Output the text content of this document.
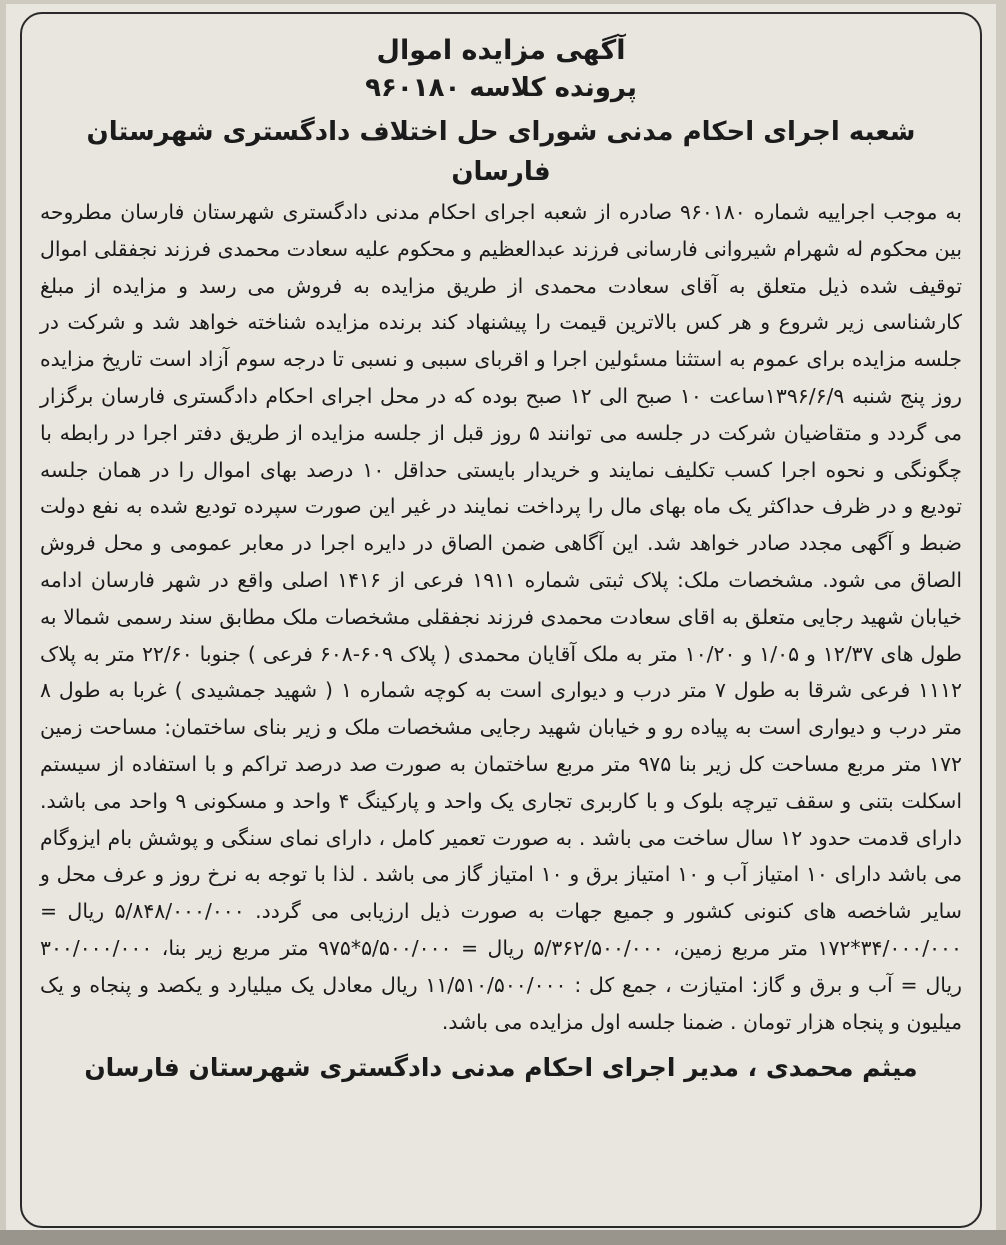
آگهی مزایده اموال
پرونده کلاسه ۹۶۰۱۸۰
شعبه اجرای احکام مدنی شورای حل اختلاف دادگستری شهرستان فارسان

به موجب اجراییه شماره ۹۶۰۱۸۰ صادره از شعبه اجرای احکام مدنی دادگستری شهرستان فارسان مطروحه بین محکوم له شهرام شیروانی فارسانی فرزند عبدالعظیم و محکوم علیه سعادت محمدی فرزند نجفقلی اموال توقیف شده ذیل متعلق به آقای سعادت محمدی از طریق مزایده به فروش می رسد و مزایده از مبلغ کارشناسی زیر شروع و هر کس بالاترین قیمت را پیشنهاد کند برنده مزایده شناخته خواهد شد و شرکت در جلسه مزایده برای عموم به استثنا مسئولین اجرا و اقربای سببی و نسبی تا درجه سوم آزاد است تاریخ مزایده روز پنج شنبه ۱۳۹۶/۶/۹ساعت ۱۰ صبح الی ۱۲ صبح بوده که در محل اجرای احکام دادگستری فارسان برگزار می گردد و متقاضیان شرکت در جلسه می توانند ۵ روز قبل از جلسه مزایده از طریق دفتر اجرا در رابطه با چگونگی و نحوه اجرا کسب تکلیف نمایند و خریدار بایستی حداقل ۱۰ درصد بهای اموال را در همان جلسه تودیع و در ظرف حداکثر یک ماه بهای مال را پرداخت نمایند در غیر این صورت سپرده تودیع شده به نفع دولت ضبط و آگهی مجدد صادر خواهد شد. این آگاهی ضمن الصاق در دایره اجرا در معابر عمومی و محل فروش الصاق می شود. مشخصات ملک: پلاک ثبتی شماره ۱۹۱۱ فرعی از ۱۴۱۶ اصلی واقع در شهر فارسان ادامه خیابان شهید رجایی متعلق به اقای سعادت محمدی فرزند نجفقلی مشخصات ملک مطابق سند رسمی شمالا به طول های ۱۲/۳۷ و ۱/۰۵ و ۱۰/۲۰ متر به ملک آقایان محمدی ( پلاک ۶۰۹-۶۰۸ فرعی ) جنوبا ۲۲/۶۰ متر به پلاک ۱۱۱۲ فرعی شرقا به طول ۷ متر درب و دیواری است به کوچه شماره ۱ ( شهید جمشیدی ) غربا به طول ۸ متر درب و دیواری است به پیاده رو و خیابان شهید رجایی مشخصات ملک و زیر بنای ساختمان: مساحت زمین ۱۷۲ متر مربع مساحت کل زیر بنا ۹۷۵ متر مربع ساختمان به صورت صد درصد تراکم و با استفاده از سیستم اسکلت بتنی و سقف تیرچه بلوک و با کاربری تجاری یک واحد و پارکینگ ۴ واحد و مسکونی ۹ واحد می باشد. دارای قدمت حدود ۱۲ سال ساخت می باشد . به صورت تعمیر کامل ، دارای نمای سنگی و پوشش بام ایزوگام می باشد دارای ۱۰ امتیاز آب و ۱۰ امتیاز برق و ۱۰ امتیاز گاز می باشد . لذا با توجه به نرخ روز و عرف محل و سایر شاخصه های کنونی کشور و جمیع جهات به صورت ذیل ارزیابی می گردد. ۵/۸۴۸/۰۰۰/۰۰۰ ریال = ۳۴/۰۰۰/۰۰۰*۱۷۲ متر مربع زمین، ۵/۳۶۲/۵۰۰/۰۰۰ ریال = ۵/۵۰۰/۰۰۰*۹۷۵ متر مربع زیر بنا، ۳۰۰/۰۰۰/۰۰۰ ریال = آب و برق و گاز: امتیازت ، جمع کل : ۱۱/۵۱۰/۵۰۰/۰۰۰ ریال معادل یک میلیارد و یکصد و پنجاه و یک میلیون و پنجاه هزار تومان . ضمنا جلسه اول مزایده می باشد.

میثم محمدی ، مدیر اجرای احکام مدنی دادگستری شهرستان فارسان
